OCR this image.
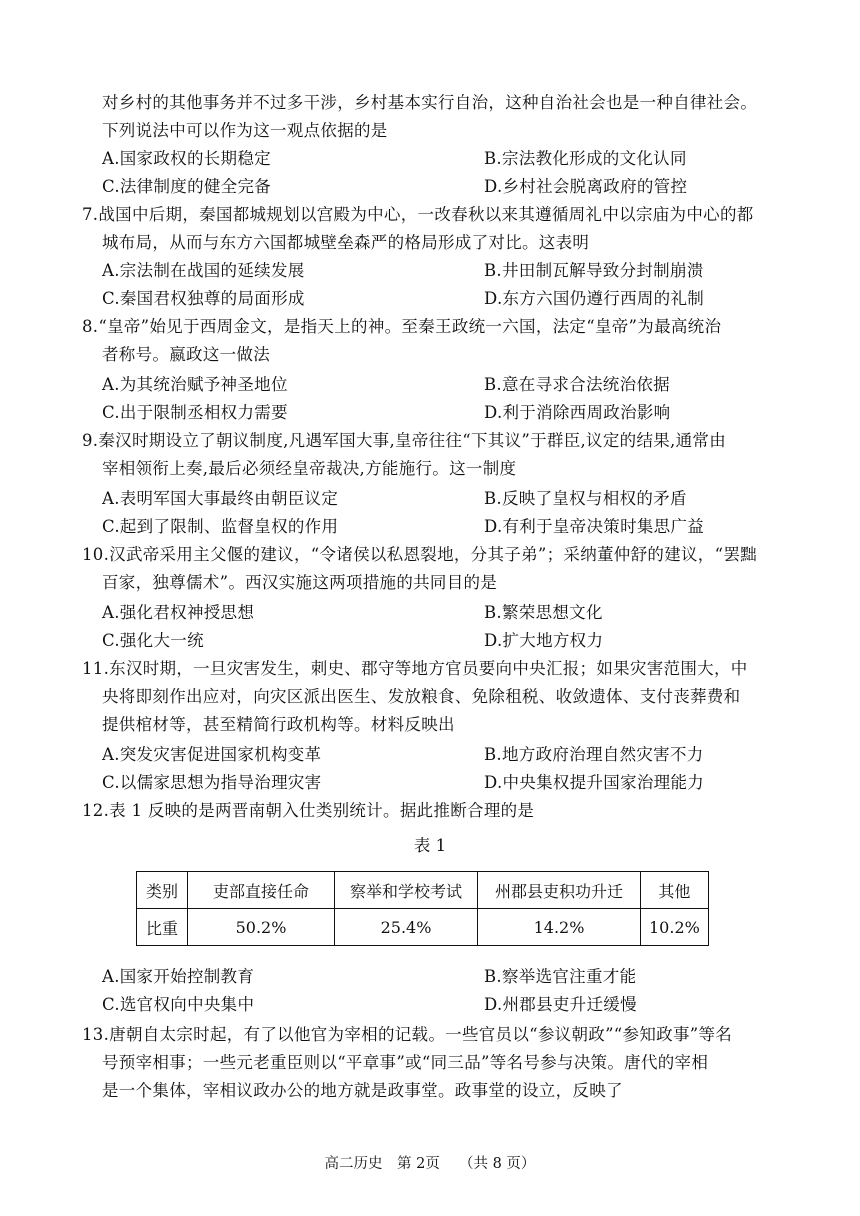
对乡村的其他事务并不过多干涉，乡村基本实行自治，这种自治社会也是一种自律社会。
下列说法中可以作为这一观点依据的是
A.国家政权的长期稳定	B.宗法教化形成的文化认同
C.法律制度的健全完备	D.乡村社会脱离政府的管控
7.战国中后期，秦国都城规划以宫殿为中心，一改春秋以来其遵循周礼中以宗庙为中心的都
城布局，从而与东方六国都城壁垒森严的格局形成了对比。这表明
A.宗法制在战国的延续发展	B.井田制瓦解导致分封制崩溃
C.秦国君权独尊的局面形成	D.东方六国仍遵行西周的礼制
8.“皇帝”始见于西周金文，是指天上的神。至秦王政统一六国，法定“皇帝”为最高统治
者称号。嬴政这一做法
A.为其统治赋予神圣地位	B.意在寻求合法统治依据
C.出于限制丞相权力需要	D.利于消除西周政治影响
9.秦汉时期设立了朝议制度,凡遇军国大事,皇帝往往“下其议”于群臣,议定的结果,通常由
宰相领衔上奏,最后必须经皇帝裁决,方能施行。这一制度
A.表明军国大事最终由朝臣议定	B.反映了皇权与相权的矛盾
C.起到了限制、监督皇权的作用	D.有利于皇帝决策时集思广益
10.汉武帝采用主父偃的建议，“令诸侯以私恩裂地，分其子弟”；采纳董仲舒的建议，“罢黜
百家，独尊儒术”。西汉实施这两项措施的共同目的是
A.强化君权神授思想	B.繁荣思想文化
C.强化大一统	D.扩大地方权力
11.东汉时期，一旦灾害发生，刺史、郡守等地方官员要向中央汇报；如果灾害范围大，中
央将即刻作出应对，向灾区派出医生、发放粮食、免除租税、收敛遗体、支付丧葬费和
提供棺材等，甚至精简行政机构等。材料反映出
A.突发灾害促进国家机构变革	B.地方政府治理自然灾害不力
C.以儒家思想为指导治理灾害	D.中央集权提升国家治理能力
12.表 1 反映的是两晋南朝入仕类别统计。据此推断合理的是
表 1
类别	吏部直接任命	察举和学校考试	州郡县吏积功升迁	其他
比重	50.2%	25.4%	14.2%	10.2%
A.国家开始控制教育	B.察举选官注重才能
C.选官权向中央集中	D.州郡县吏升迁缓慢
13.唐朝自太宗时起，有了以他官为宰相的记载。一些官员以“参议朝政”“参知政事”等名
号预宰相事；一些元老重臣则以“平章事”或“同三品”等名号参与决策。唐代的宰相
是一个集体，宰相议政办公的地方就是政事堂。政事堂的设立，反映了
高二历史　第 2页　 （共 8 页）
